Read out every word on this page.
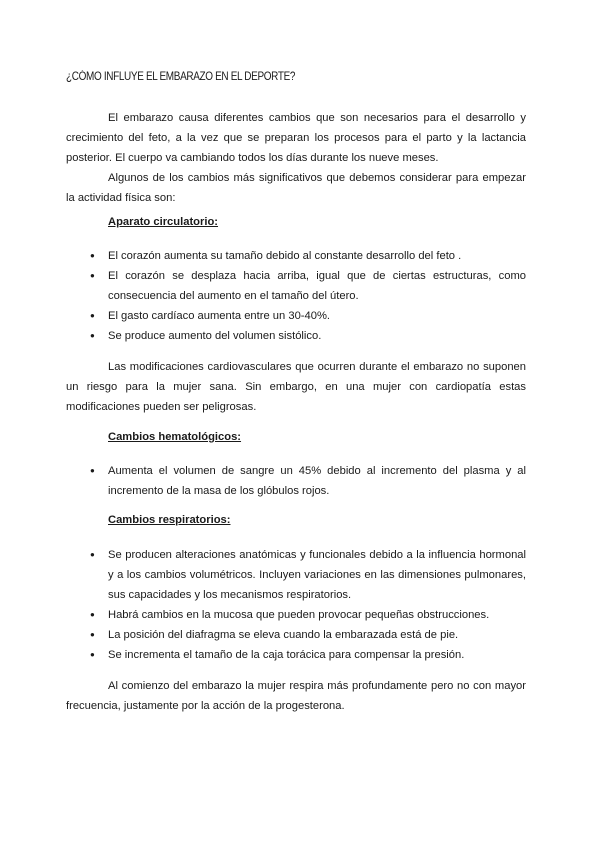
¿CÓMO INFLUYE EL EMBARAZO EN EL DEPORTE?

El embarazo causa diferentes cambios que son necesarios para el desarrollo y crecimiento del feto, a la vez que se preparan los procesos para el parto y la lactancia posterior. El cuerpo va cambiando todos los días durante los nueve meses.

Algunos de los cambios más significativos que debemos considerar para empezar la actividad física son:

Aparato circulatorio:
● El corazón aumenta su tamaño debido al constante desarrollo del feto .
● El corazón se desplaza hacia arriba, igual que de ciertas estructuras, como consecuencia del aumento en el tamaño del útero.
● El gasto cardíaco aumenta entre un 30-40%.
● Se produce aumento del volumen sistólico.

Las modificaciones cardiovasculares que ocurren durante el embarazo no suponen un riesgo para la mujer sana. Sin embargo, en una mujer con cardiopatía estas modificaciones pueden ser peligrosas.

Cambios hematológicos:
● Aumenta el volumen de sangre un 45% debido al incremento del plasma y al incremento de la masa de los glóbulos rojos.
Cambios respiratorios:
● Se producen alteraciones anatómicas y funcionales debido a la influencia hormonal y a los cambios volumétricos. Incluyen variaciones en las dimensiones pulmonares, sus capacidades y los mecanismos respiratorios.
● Habrá cambios en la mucosa que pueden provocar pequeñas obstrucciones.
● La posición del diafragma se eleva cuando la embarazada está de pie.
● Se incrementa el tamaño de la caja torácica para compensar la presión.

Al comienzo del embarazo la mujer respira más profundamente pero no con mayor frecuencia, justamente por la acción de la progesterona.
